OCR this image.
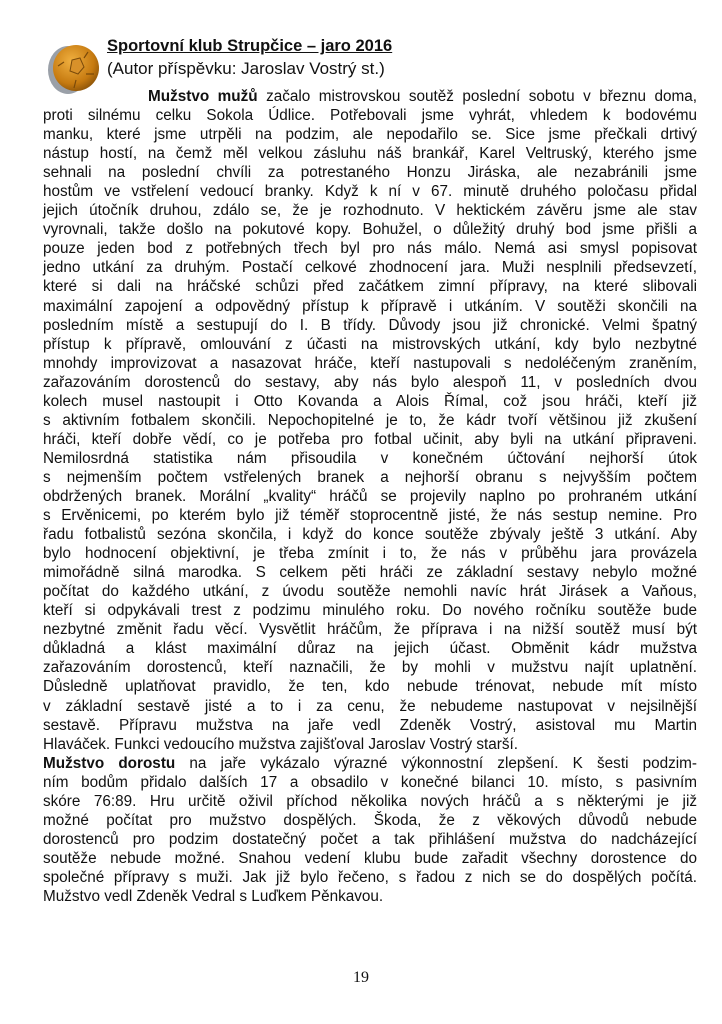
Sportovní klub Strupčice – jaro 2016
(Autor příspěvku: Jaroslav Vostrý st.)
Mužstvo mužů začalo mistrovskou soutěž poslední sobotu v březnu doma,
proti silnému celku Sokola Údlice. Potřebovali jsme vyhrát, vhledem k bodovému
manku, které jsme utrpěli na podzim, ale nepodařilo se. Sice jsme přečkali drtivý
nástup hostí, na čemž měl velkou zásluhu náš brankář, Karel Veltruský, kterého jsme
sehnali na poslední chvíli za potrestaného Honzu Jiráska, ale nezabránili jsme
hostům ve vstřelení vedoucí branky. Když k ní v 67. minutě druhého poločasu přidal
jejich útočník druhou, zdálo se, že je rozhodnuto. V hektickém závěru jsme ale stav
vyrovnali, takže došlo na pokutové kopy. Bohužel, o důležitý druhý bod jsme přišli a
pouze jeden bod z potřebných třech byl pro nás málo. Nemá asi smysl popisovat
jedno utkání za druhým. Postačí celkové zhodnocení jara. Muži nesplnili předsevzetí,
které si dali na hráčské schůzi před začátkem zimní přípravy, na které slibovali
maximální zapojení a odpovědný přístup k přípravě i utkáním. V soutěži skončili na
posledním místě a sestupují do I. B třídy. Důvody jsou již chronické. Velmi špatný
přístup k přípravě, omlouvání z účasti na mistrovských utkání, kdy bylo nezbytné
mnohdy improvizovat a nasazovat hráče, kteří nastupovali s nedoléčeným zraněním,
zařazováním dorostenců do sestavy, aby nás bylo alespoň 11, v posledních dvou
kolech musel nastoupit i Otto Kovanda a Alois Římal, což jsou hráči, kteří již
s aktivním fotbalem skončili. Nepochopitelné je to, že kádr tvoří většinou již zkušení
hráči, kteří dobře vědí, co je potřeba pro fotbal učinit, aby byli na utkání připraveni.
Nemilosrdná statistika nám přisoudila v konečném účtování nejhorší útok
s nejmenším počtem vstřelených branek a nejhorší obranu s nejvyšším počtem
obdržených branek. Morální „kvality“ hráčů se projevily naplno po prohraném utkání
s Ervěnicemi, po kterém bylo již téměř stoprocentně jisté, že nás sestup nemine. Pro
řadu fotbalistů sezóna skončila, i když do konce soutěže zbývaly ještě 3 utkání. Aby
bylo hodnocení objektivní, je třeba zmínit i to, že nás v průběhu jara provázela
mimořádně silná marodka. S celkem pěti hráči ze základní sestavy nebylo možné
počítat do každého utkání, z úvodu soutěže nemohli navíc hrát Jirásek a Vaňous,
kteří si odpykávali trest z podzimu minulého roku. Do nového ročníku soutěže bude
nezbytné změnit řadu věcí. Vysvětlit hráčům, že příprava i na nižší soutěž musí být
důkladná a klást maximální důraz na jejich účast. Obměnit kádr mužstva
zařazováním dorostenců, kteří naznačili, že by mohli v mužstvu najít uplatnění.
Důsledně uplatňovat pravidlo, že ten, kdo nebude trénovat, nebude mít místo
v základní sestavě jisté a to i za cenu, že nebudeme nastupovat v nejsilnější
sestavě. Přípravu mužstva na jaře vedl Zdeněk Vostrý, asistoval mu Martin
Hlaváček. Funkci vedoucího mužstva zajišťoval Jaroslav Vostrý starší.
Mužstvo dorostu na jaře vykázalo výrazné výkonnostní zlepšení. K šesti podzim-
ním bodům přidalo dalších 17 a obsadilo v konečné bilanci 10. místo, s pasivním
skóre 76:89. Hru určitě oživil příchod několika nových hráčů a s některými je již
možné počítat pro mužstvo dospělých. Škoda, že z věkových důvodů nebude
dorostenců pro podzim dostatečný počet a tak přihlášení mužstva do nadcházející
soutěže nebude možné. Snahou vedení klubu bude zařadit všechny dorostence do
společné přípravy s muži. Jak již bylo řečeno, s řadou z nich se do dospělých počítá.
Mužstvo vedl Zdeněk Vedral s Luďkem Pěnkavou.
19
